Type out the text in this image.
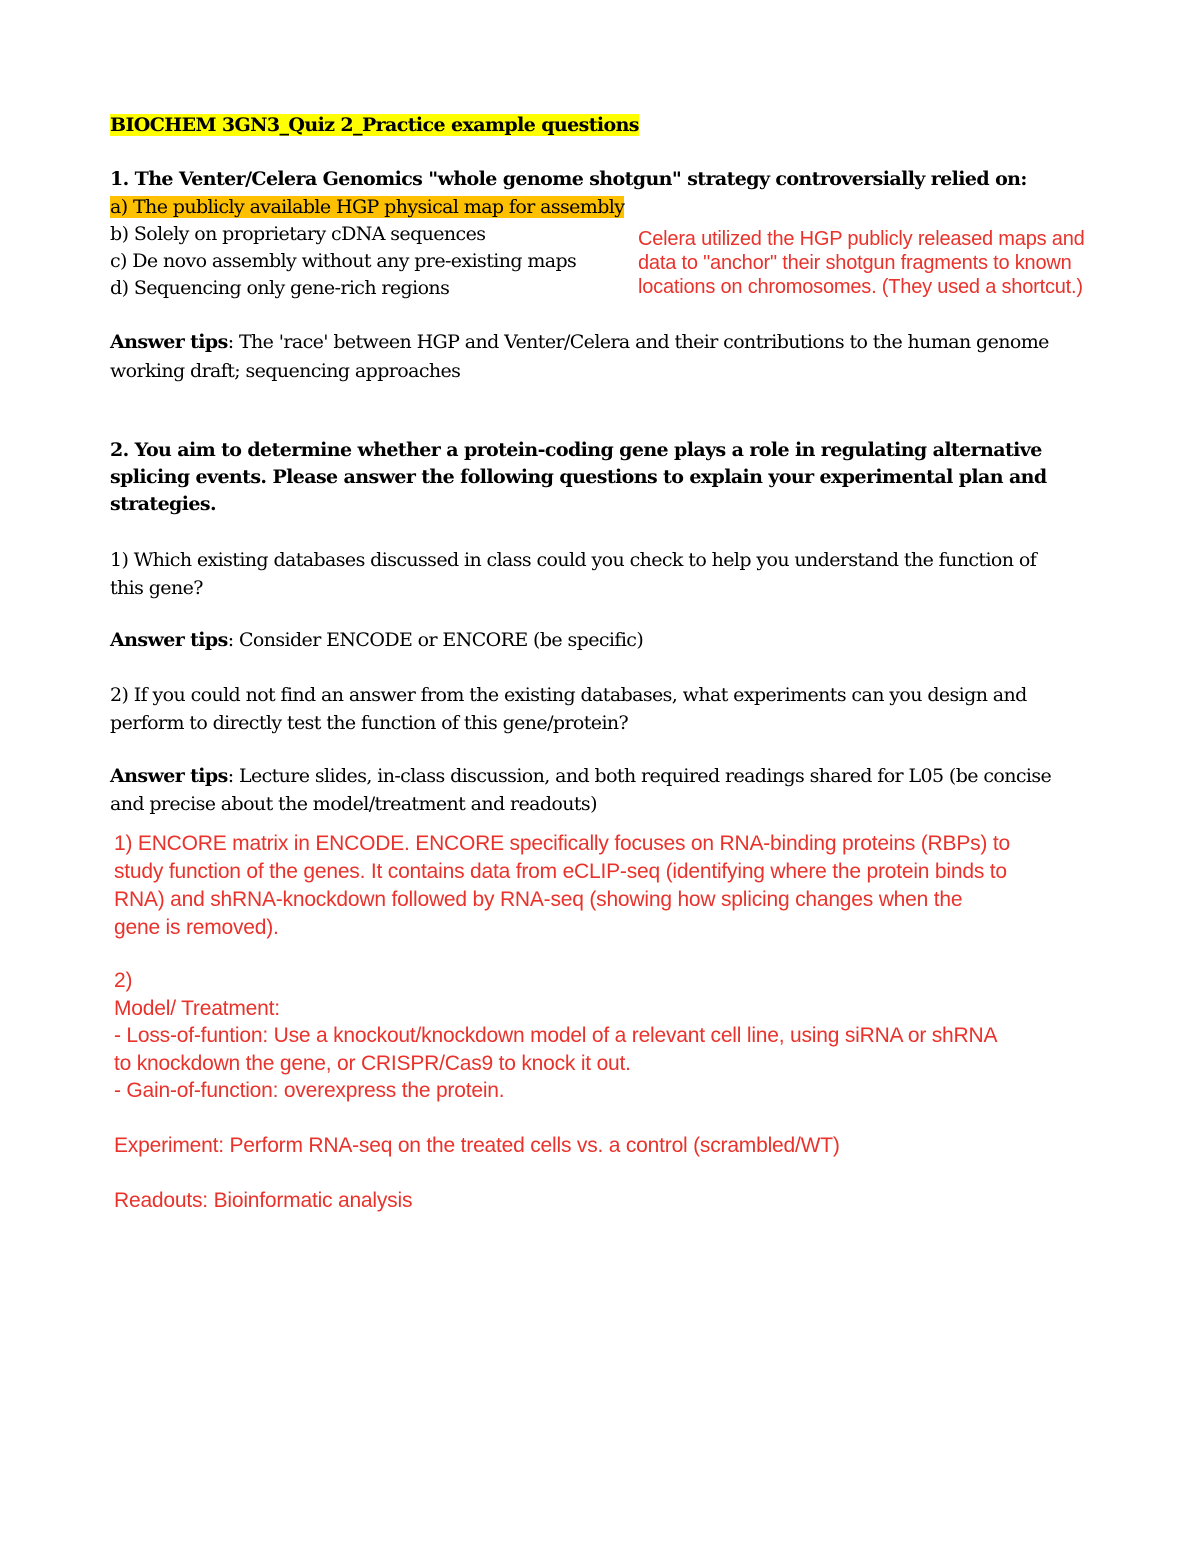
BIOCHEM 3GN3_Quiz 2_Practice example questions
1. The Venter/Celera Genomics "whole genome shotgun" strategy controversially relied on:
a) The publicly available HGP physical map for assembly
b) Solely on proprietary cDNA sequences
c) De novo assembly without any pre-existing maps
d) Sequencing only gene-rich regions
Celera utilized the HGP publicly released maps and
data to "anchor" their shotgun fragments to known
locations on chromosomes. (They used a shortcut.)
Answer tips: The 'race' between HGP and Venter/Celera and their contributions to the human genome
working draft; sequencing approaches
2. You aim to determine whether a protein-coding gene plays a role in regulating alternative
splicing events. Please answer the following questions to explain your experimental plan and
strategies.
1) Which existing databases discussed in class could you check to help you understand the function of
this gene?
Answer tips: Consider ENCODE or ENCORE (be specific)
2) If you could not find an answer from the existing databases, what experiments can you design and
perform to directly test the function of this gene/protein?
Answer tips: Lecture slides, in-class discussion, and both required readings shared for L05 (be concise
and precise about the model/treatment and readouts)
1) ENCORE matrix in ENCODE. ENCORE specifically focuses on RNA-binding proteins (RBPs) to
study function of the genes. It contains data from eCLIP-seq (identifying where the protein binds to
RNA) and shRNA-knockdown followed by RNA-seq (showing how splicing changes when the
gene is removed).
2)
Model/ Treatment:
- Loss-of-funtion: Use a knockout/knockdown model of a relevant cell line, using siRNA or shRNA
to knockdown the gene, or CRISPR/Cas9 to knock it out.
- Gain-of-function: overexpress the protein.
Experiment: Perform RNA-seq on the treated cells vs. a control (scrambled/WT)
Readouts: Bioinformatic analysis
